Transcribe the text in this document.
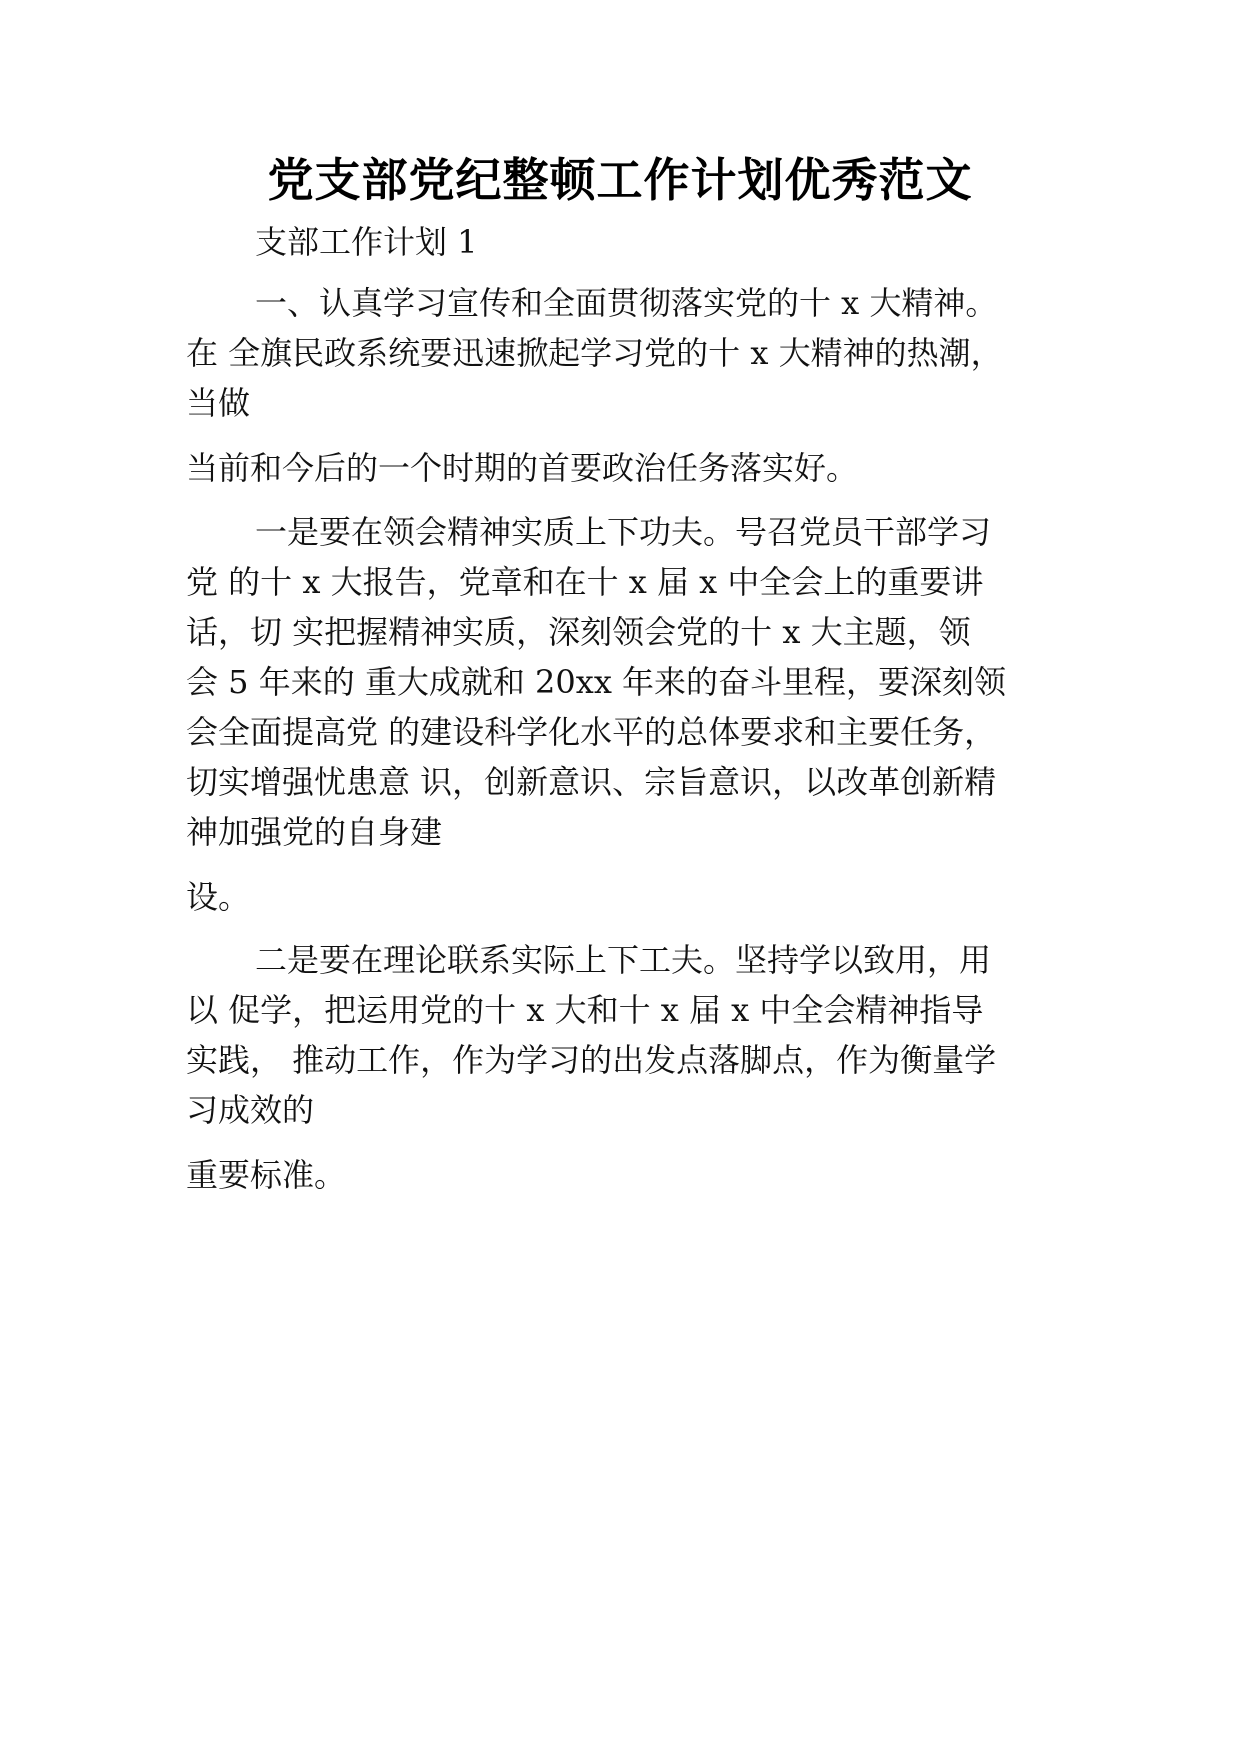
党支部党纪整顿工作计划优秀范文
支部工作计划 1
一、认真学习宣传和全面贯彻落实党的十 x 大精神。
在 全旗民政系统要迅速掀起学习党的十 x 大精神的热潮，
当做
当前和今后的一个时期的首要政治任务落实好。
一是要在领会精神实质上下功夫。号召党员干部学习
党 的十 x 大报告，党章和在十 x 届 x 中全会上的重要讲
话，切 实把握精神实质，深刻领会党的十 x 大主题，领
会 5 年来的 重大成就和 20xx 年来的奋斗里程，要深刻领
会全面提高党 的建设科学化水平的总体要求和主要任务，
切实增强忧患意 识，创新意识、宗旨意识，以改革创新精
神加强党的自身建
设。
二是要在理论联系实际上下工夫。坚持学以致用，用
以 促学，把运用党的十 x 大和十 x 届 x 中全会精神指导
实践， 推动工作，作为学习的出发点落脚点，作为衡量学
习成效的
重要标准。
